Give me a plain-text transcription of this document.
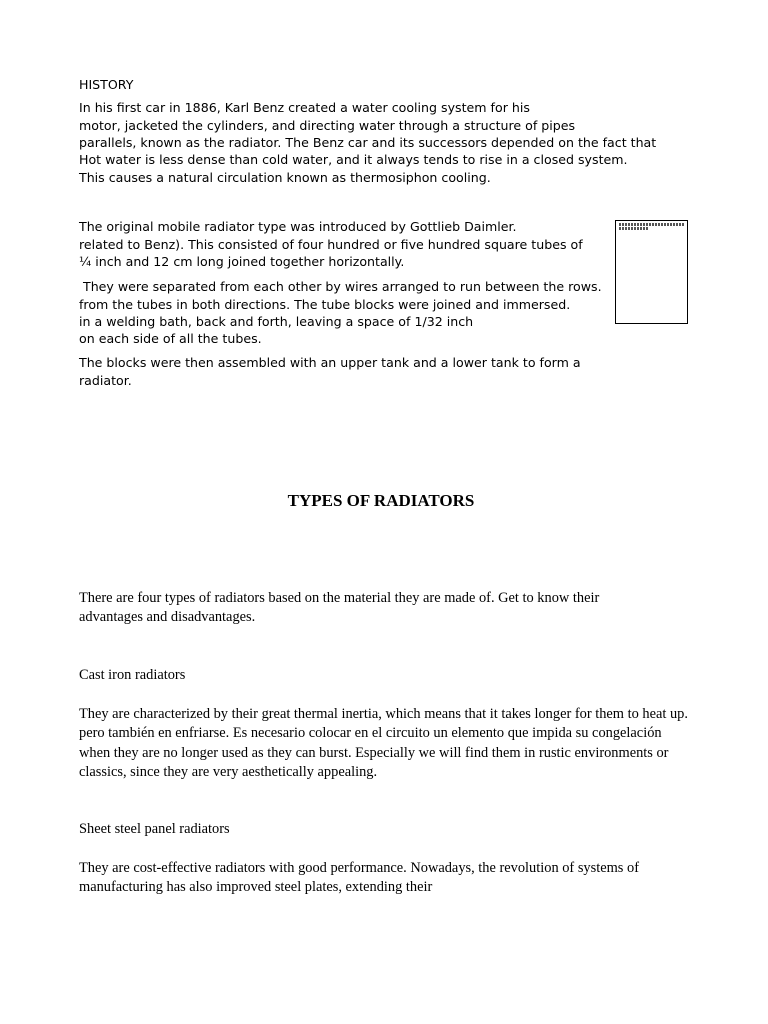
HISTORY
In his first car in 1886, Karl Benz created a water cooling system for his
motor, jacketed the cylinders, and directing water through a structure of pipes
parallels, known as the radiator. The Benz car and its successors depended on the fact that
Hot water is less dense than cold water, and it always tends to rise in a closed system.
This causes a natural circulation known as thermosiphon cooling.
The original mobile radiator type was introduced by Gottlieb Daimler.
related to Benz). This consisted of four hundred or five hundred square tubes of
¼ inch and 12 cm long joined together horizontally.
They were separated from each other by wires arranged to run between the rows.
from the tubes in both directions. The tube blocks were joined and immersed.
in a welding bath, back and forth, leaving a space of 1/32 inch
on each side of all the tubes.
The blocks were then assembled with an upper tank and a lower tank to form a
radiator.
TYPES OF RADIATORS
There are four types of radiators based on the material they are made of. Get to know their
advantages and disadvantages.
Cast iron radiators
They are characterized by their great thermal inertia, which means that it takes longer for them to heat up.
pero también en enfriarse. Es necesario colocar en el circuito un elemento que impida su congelación
when they are no longer used as they can burst. Especially we will find them in rustic environments or
classics, since they are very aesthetically appealing.
Sheet steel panel radiators
They are cost-effective radiators with good performance. Nowadays, the revolution of systems of
manufacturing has also improved steel plates, extending their
